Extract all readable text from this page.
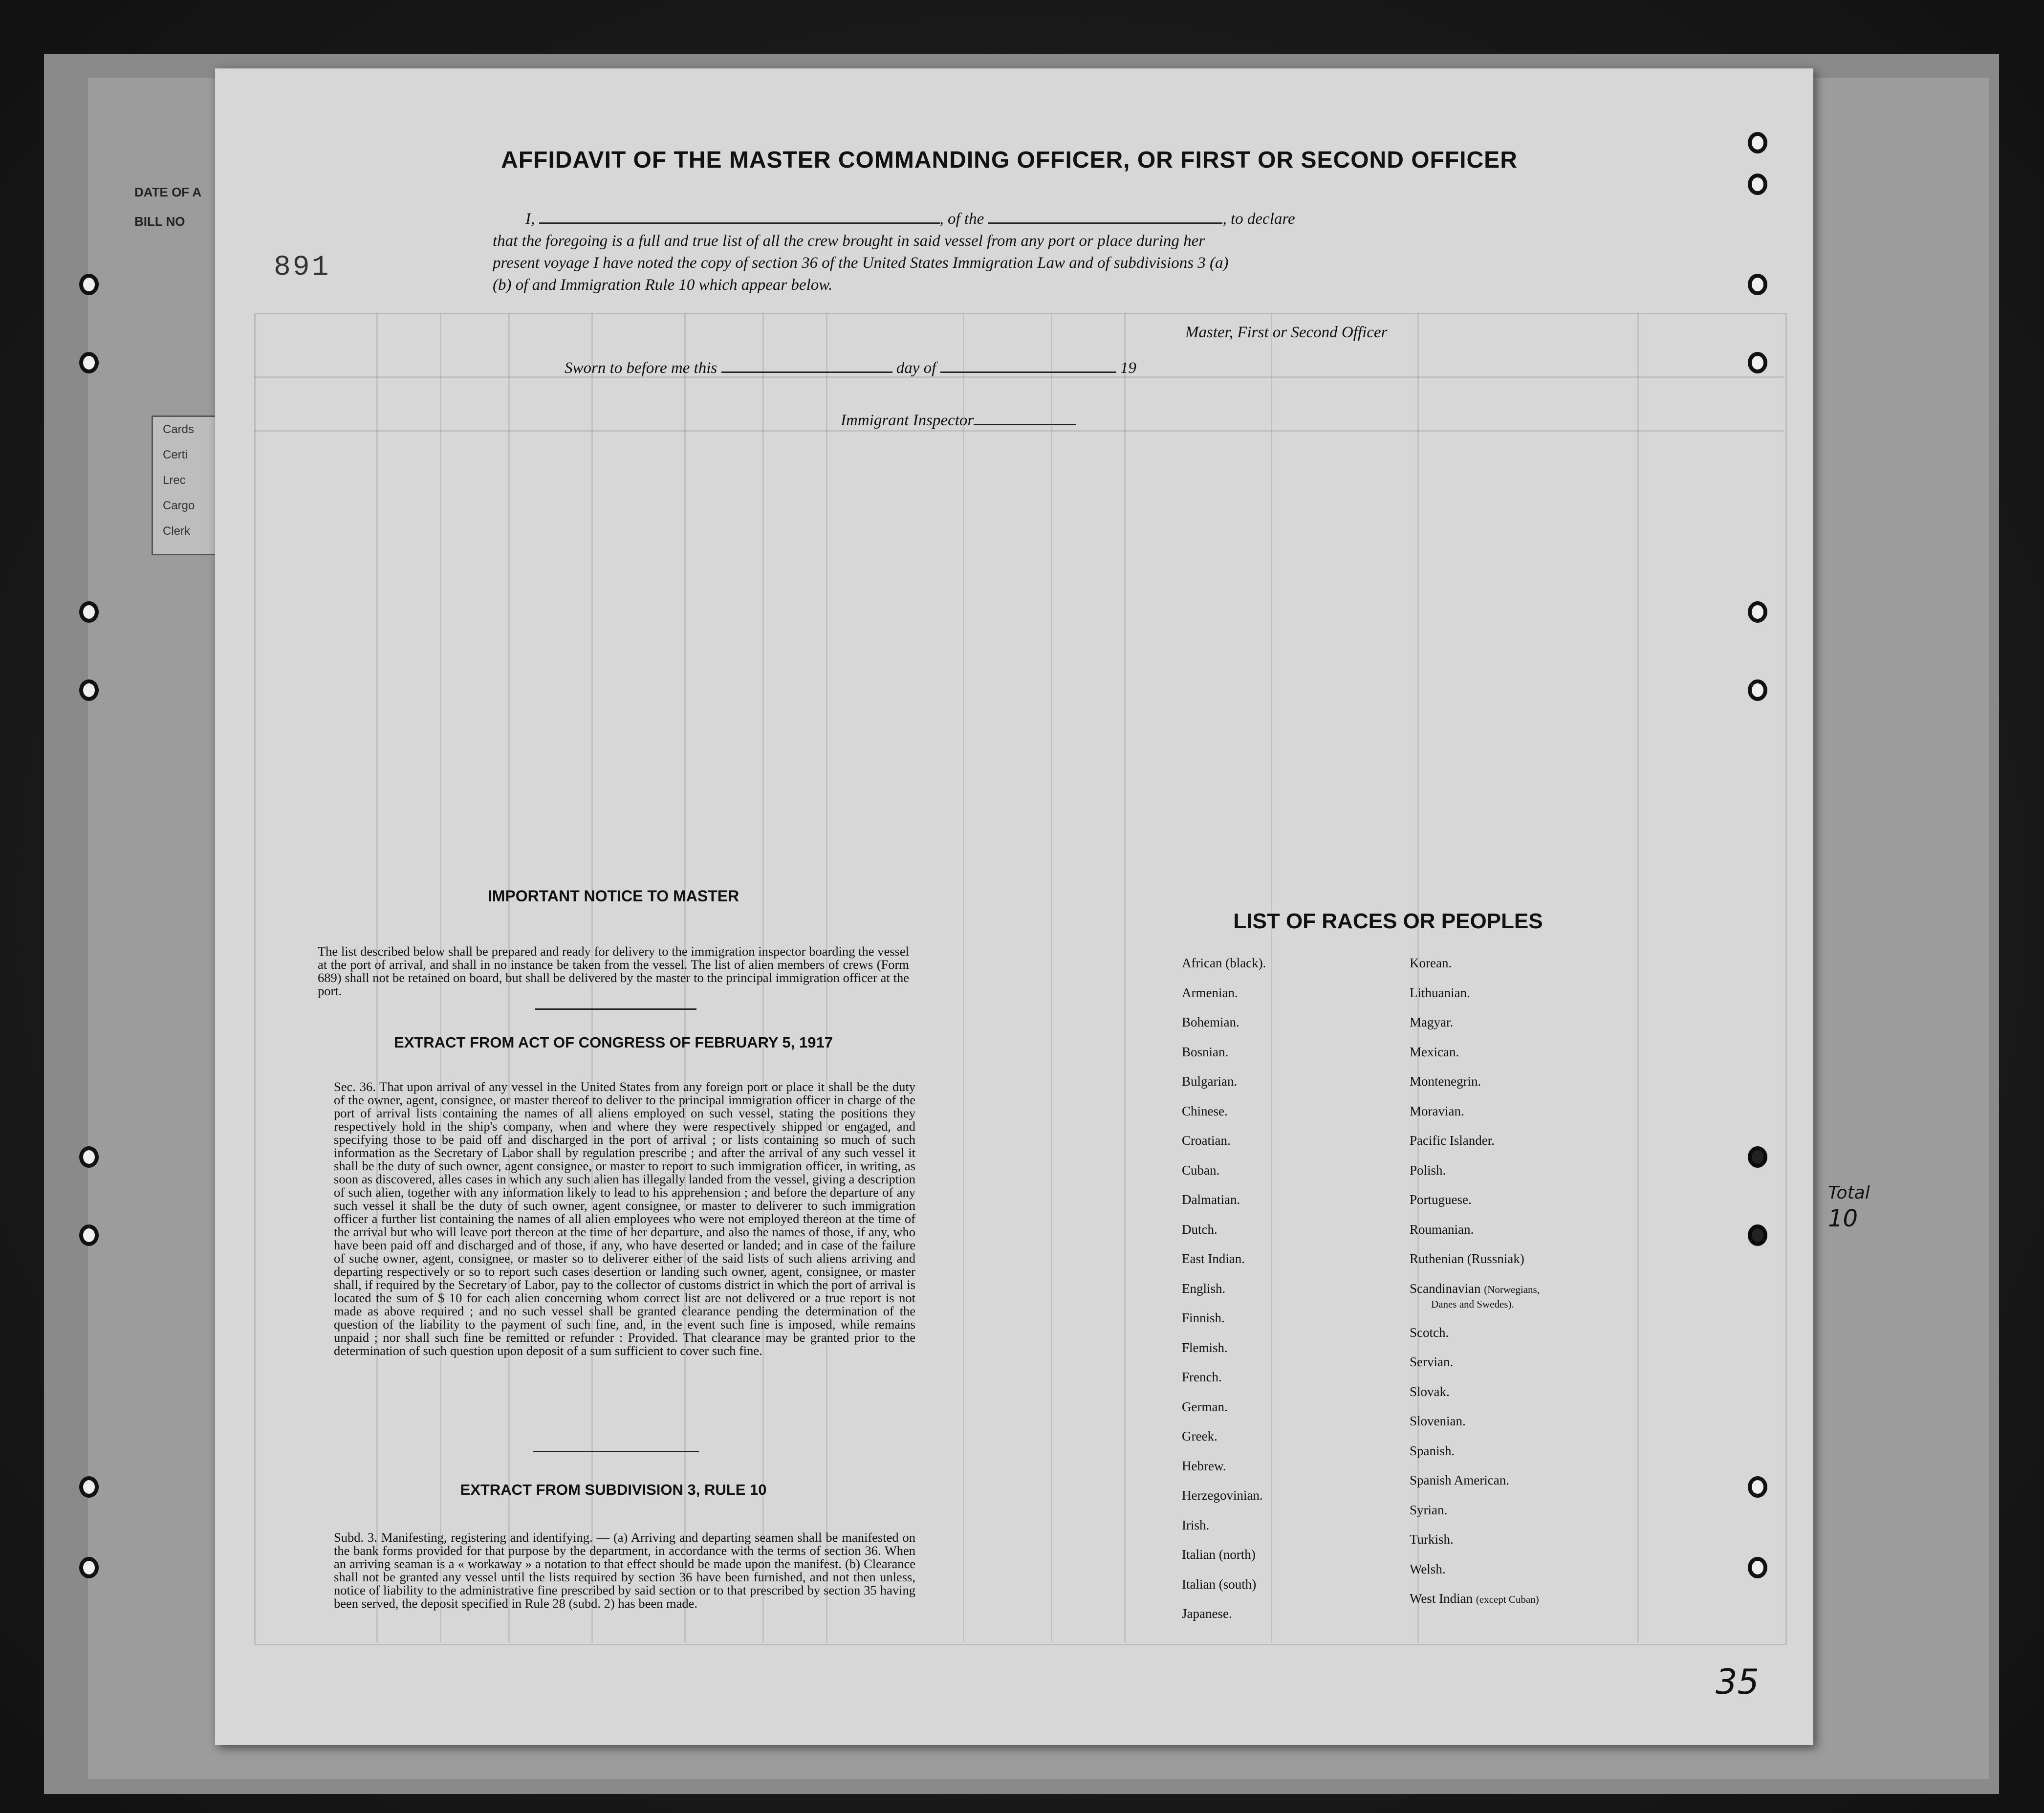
Cards
Certi
Lrec
Cargo
Clerk
DATE OF A
BILL NO
Total
10
891
35
AFFIDAVIT OF THE MASTER COMMANDING OFFICER, OR FIRST OR SECOND OFFICER
I,	, of the	, to declare
that the foregoing is a full and true list of all the crew brought in said vessel from any port or place during her
present voyage I have noted the copy of section 36 of the United States Immigration Law and of subdivisions 3 (a)
(b) of and Immigration Rule 10 which appear below.
Master, First or Second Officer
Sworn to before me this	day of	19
Immigrant Inspector
IMPORTANT NOTICE TO MASTER
The list described below shall be prepared and ready for delivery to the immigration inspector boarding the vessel at the port of arrival, and shall in no instance be taken from the vessel. The list of alien members of crews (Form 689) shall not be retained on board, but shall be delivered by the master to the principal immigration officer at the port.
EXTRACT FROM ACT OF CONGRESS OF FEBRUARY 5, 1917
Sec. 36. That upon arrival of any vessel in the United States from any foreign port or place it shall be the duty of the owner, agent, consignee, or master thereof to deliver to the principal immigration officer in charge of the port of arrival lists containing the names of all aliens employed on such vessel, stating the positions they respectively hold in the ship's company, when and where they were respectively shipped or engaged, and specifying those to be paid off and discharged in the port of arrival ; or lists containing so much of such information as the Secretary of Labor shall by regulation prescribe ; and after the arrival of any such vessel it shall be the duty of such owner, agent consignee, or master to report to such immigration officer, in writing, as soon as discovered, alles cases in which any such alien has illegally landed from the vessel, giving a description of such alien, together with any information likely to lead to his apprehension ; and before the departure of any such vessel it shall be the duty of such owner, agent consignee, or master to deliverer to such immigration officer a further list containing the names of all alien employees who were not employed thereon at the time of the arrival but who will leave port thereon at the time of her departure, and also the names of those, if any, who have been paid off and discharged and of those, if any, who have deserted or landed; and in case of the failure of suche owner, agent, consignee, or master so to deliverer either of the said lists of such aliens arriving and departing respectively or so to report such cases desertion or landing such owner, agent, consignee, or master shall, if required by the Secretary of Labor, pay to the collector of customs district in which the port of arrival is located the sum of $ 10 for each alien concerning whom correct list are not delivered or a true report is not made as above required ; and no such vessel shall be granted clearance pending the determination of the question of the liability to the payment of such fine, and, in the event such fine is imposed, while remains unpaid ; nor shall such fine be remitted or refunder : Provided. That clearance may be granted prior to the determination of such question upon deposit of a sum sufficient to cover such fine.
EXTRACT FROM SUBDIVISION 3, RULE 10
Subd. 3. Manifesting, registering and identifying. — (a) Arriving and departing seamen shall be manifested on the bank forms provided for that purpose by the department, in accordance with the terms of section 36. When an arriving seaman is a « workaway » a notation to that effect should be made upon the manifest. (b) Clearance shall not be granted any vessel until the lists required by section 36 have been furnished, and not then unless, notice of liability to the administrative fine prescribed by said section or to that prescribed by section 35 having been served, the deposit specified in Rule 28 (subd. 2) has been made.
LIST OF RACES OR PEOPLES
African (black).
Armenian.
Bohemian.
Bosnian.
Bulgarian.
Chinese.
Croatian.
Cuban.
Dalmatian.
Dutch.
East Indian.
English.
Finnish.
Flemish.
French.
German.
Greek.
Hebrew.
Herzegovinian.
Irish.
Italian (north)
Italian (south)
Japanese.
Korean.
Lithuanian.
Magyar.
Mexican.
Montenegrin.
Moravian.
Pacific Islander.
Polish.
Portuguese.
Roumanian.
Ruthenian (Russniak)
Scandinavian (Norwegians,
Danes and Swedes).
Scotch.
Servian.
Slovak.
Slovenian.
Spanish.
Spanish American.
Syrian.
Turkish.
Welsh.
West Indian (except Cuban)
